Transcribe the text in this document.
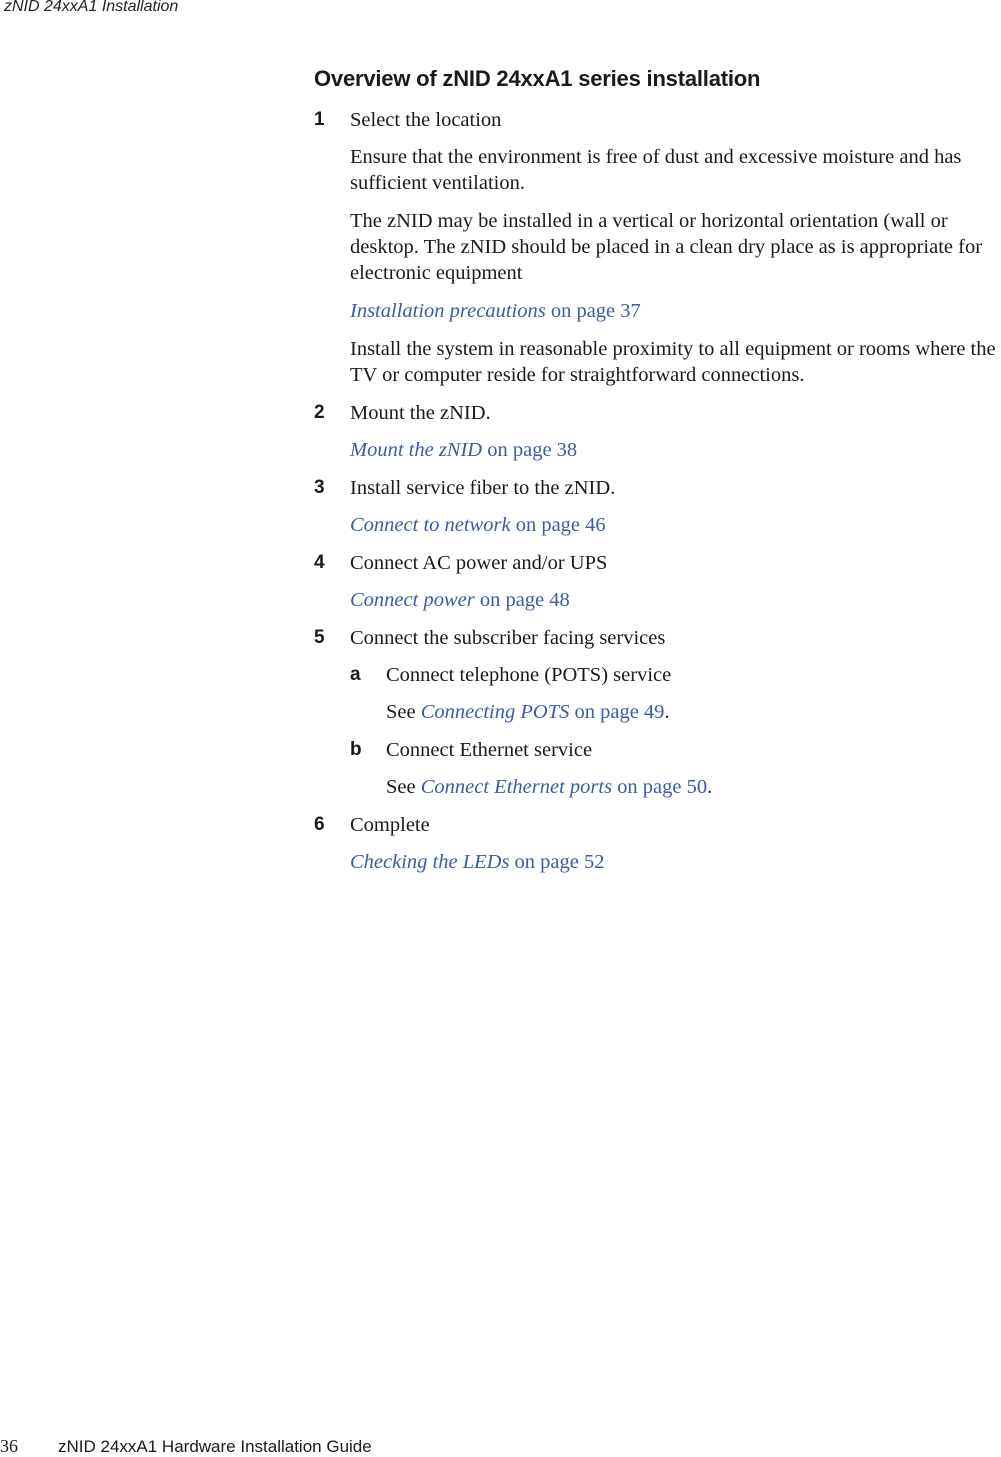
zNID 24xxA1 Installation
Overview of zNID 24xxA1 series installation
1 Select the location

Ensure that the environment is free of dust and excessive moisture and has sufficient ventilation.

The zNID may be installed in a vertical or horizontal orientation (wall or desktop. The zNID should be placed in a clean dry place as is appropriate for electronic equipment

Installation precautions on page 37

Install the system in reasonable proximity to all equipment or rooms where the TV or computer reside for straightforward connections.

2 Mount the zNID.

Mount the zNID on page 38

3 Install service fiber to the zNID.

Connect to network on page 46

4 Connect AC power and/or UPS

Connect power on page 48

5 Connect the subscriber facing services

a Connect telephone (POTS) service

See Connecting POTS on page 49.

b Connect Ethernet service

See Connect Ethernet ports on page 50.

6 Complete

Checking the LEDs on page 52

36 zNID 24xxA1 Hardware Installation Guide
